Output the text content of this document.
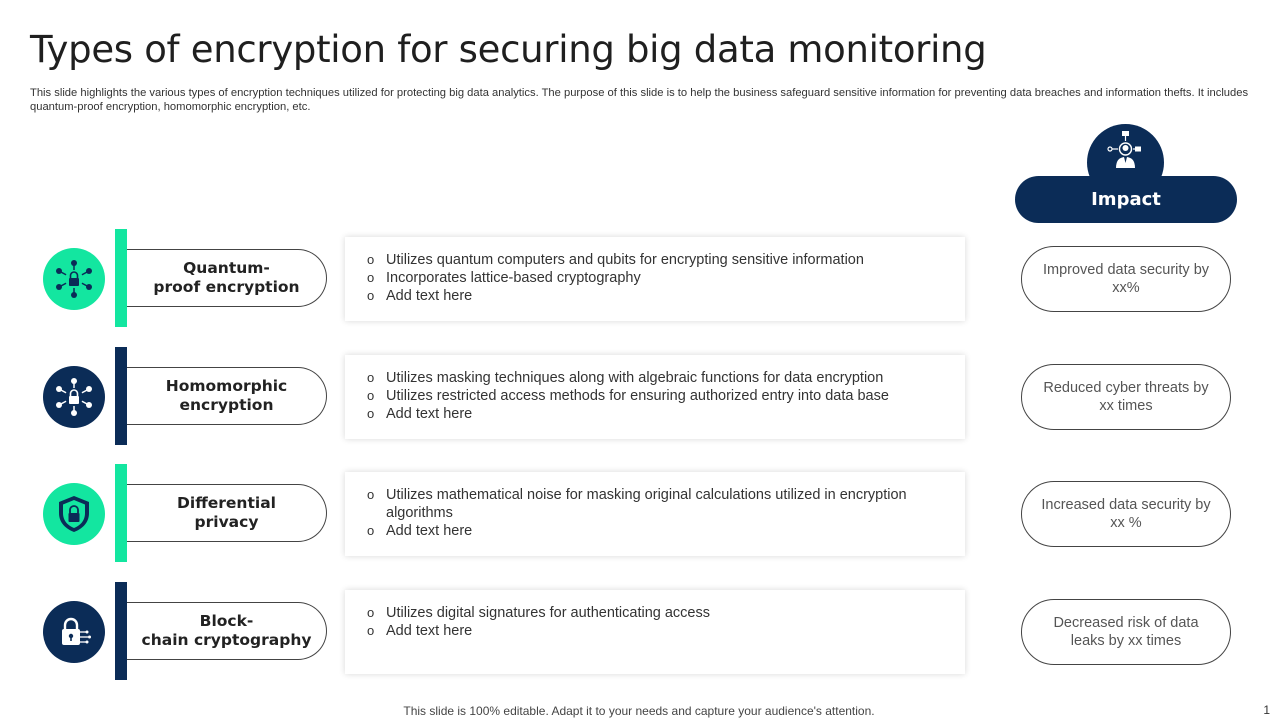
Types of encryption for securing big data monitoring
This slide highlights the various types of encryption techniques utilized for protecting big data analytics. The purpose of this slide is to help the business safeguard sensitive information for preventing data breaches and information thefts. It includes quantum-proof encryption, homomorphic encryption, etc.
Impact
Quantum-
proof encryption
o Utilizes quantum computers and qubits for encrypting sensitive information
o Incorporates lattice-based cryptography
o Add text here
Improved data security by xx%
Homomorphic
encryption
o Utilizes masking techniques along with algebraic functions for data encryption
o Utilizes restricted access methods for ensuring authorized entry into data base
o Add text here
Reduced cyber threats by xx times
Differential
privacy
o Utilizes mathematical noise for masking original calculations utilized in encryption algorithms
o Add text here
Increased data security by xx %
Block-
chain cryptography
o Utilizes digital signatures for authenticating access
o Add text here	Decreased risk of data leaks by xx times
This slide is 100% editable. Adapt it to your needs and capture your audience's attention.	1
